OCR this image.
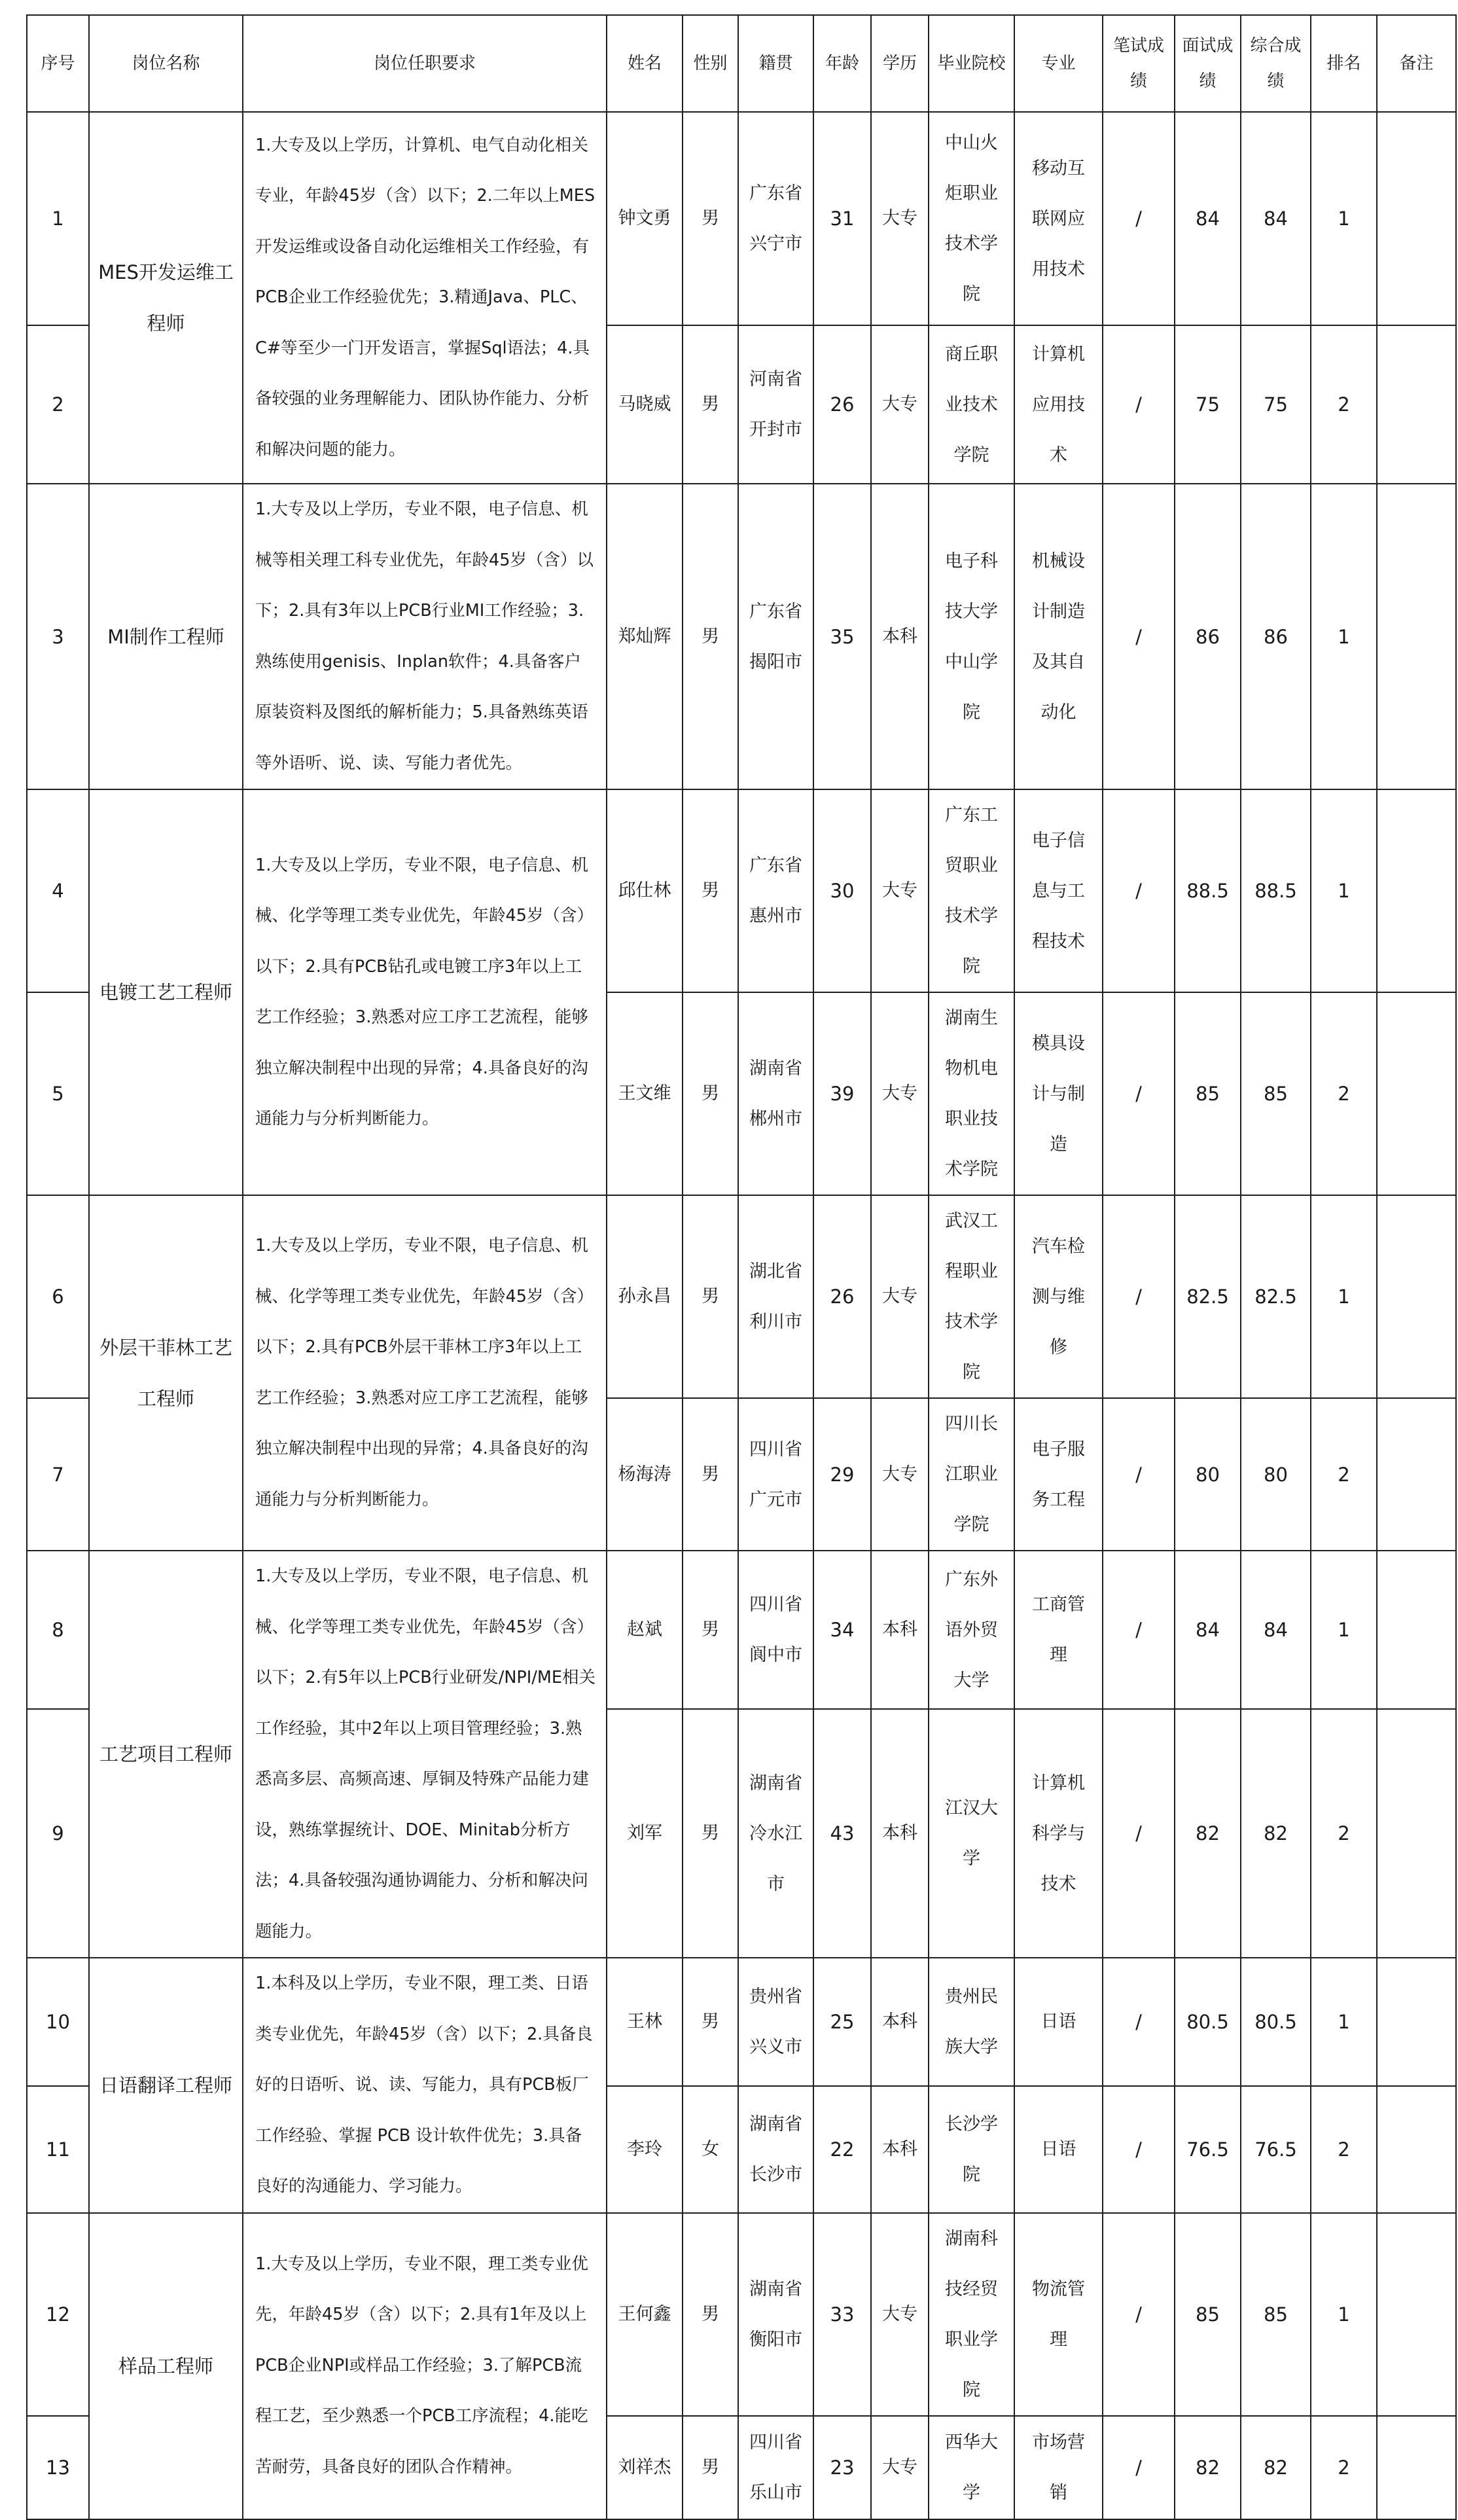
序号	岗位名称	岗位任职要求	姓名	性别	籍贯	年龄	学历	毕业院校	专业	笔试成绩	面试成绩	综合成绩	排名	备注
1	MES开发运维工程师	1.大专及以上学历，计算机、电气自动化相关专业，年龄45岁（含）以下；2.二年以上MES开发运维或设备自动化运维相关工作经验，有PCB企业工作经验优先；3.精通Java、PLC、C#等至少一门开发语言，掌握Sql语法；4.具备较强的业务理解能力、团队协作能力、分析和解决问题的能力。	钟文勇	男	广东省兴宁市	31	大专	中山火炬职业技术学院	移动互联网应用技术	/	84	84	1	
2			马晓威	男	河南省开封市	26	大专	商丘职业技术学院	计算机应用技术	/	75	75	2	
3	MI制作工程师	1.大专及以上学历，专业不限，电子信息、机械等相关理工科专业优先，年龄45岁（含）以下；2.具有3年以上PCB行业MI工作经验；3.熟练使用genisis、Inplan软件；4.具备客户原装资料及图纸的解析能力；5.具备熟练英语等外语听、说、读、写能力者优先。	郑灿辉	男	广东省揭阳市	35	本科	电子科技大学中山学院	机械设计制造及其自动化	/	86	86	1	
4	电镀工艺工程师	1.大专及以上学历，专业不限，电子信息、机械、化学等理工类专业优先，年龄45岁（含）以下；2.具有PCB钻孔或电镀工序3年以上工艺工作经验；3.熟悉对应工序工艺流程，能够独立解决制程中出现的异常；4.具备良好的沟通能力与分析判断能力。	邱仕林	男	广东省惠州市	30	大专	广东工贸职业技术学院	电子信息与工程技术	/	88.5	88.5	1	
5			王文维	男	湖南省郴州市	39	大专	湖南生物机电职业技术学院	模具设计与制造	/	85	85	2	
6	外层干菲林工艺工程师	1.大专及以上学历，专业不限，电子信息、机械、化学等理工类专业优先，年龄45岁（含）以下；2.具有PCB外层干菲林工序3年以上工艺工作经验；3.熟悉对应工序工艺流程，能够独立解决制程中出现的异常；4.具备良好的沟通能力与分析判断能力。	孙永昌	男	湖北省利川市	26	大专	武汉工程职业技术学院	汽车检测与维修	/	82.5	82.5	1	
7			杨海涛	男	四川省广元市	29	大专	四川长江职业学院	电子服务工程	/	80	80	2	
8	工艺项目工程师	1.大专及以上学历，专业不限，电子信息、机械、化学等理工类专业优先，年龄45岁（含）以下；2.有5年以上PCB行业研发/NPI/ME相关工作经验，其中2年以上项目管理经验；3.熟悉高多层、高频高速、厚铜及特殊产品能力建设，熟练掌握统计、DOE、Minitab分析方法；4.具备较强沟通协调能力、分析和解决问题能力。	赵斌	男	四川省阆中市	34	本科	广东外语外贸大学	工商管理	/	84	84	1	
9			刘军	男	湖南省冷水江市	43	本科	江汉大学	计算机科学与技术	/	82	82	2	
10	日语翻译工程师	1.本科及以上学历，专业不限，理工类、日语类专业优先，年龄45岁（含）以下；2.具备良好的日语听、说、读、写能力，具有PCB板厂工作经验、掌握 PCB 设计软件优先；3.具备良好的沟通能力、学习能力。	王林	男	贵州省兴义市	25	本科	贵州民族大学	日语	/	80.5	80.5	1	
11			李玲	女	湖南省长沙市	22	本科	长沙学院	日语	/	76.5	76.5	2	
12	样品工程师	1.大专及以上学历，专业不限，理工类专业优先，年龄45岁（含）以下；2.具有1年及以上PCB企业NPI或样品工作经验；3.了解PCB流程工艺，至少熟悉一个PCB工序流程；4.能吃苦耐劳，具备良好的团队合作精神。	王何鑫	男	湖南省衡阳市	33	大专	湖南科技经贸职业学院	物流管理	/	85	85	1	
13			刘祥杰	男	四川省乐山市	23	大专	西华大学	市场营销	/	82	82	2	
